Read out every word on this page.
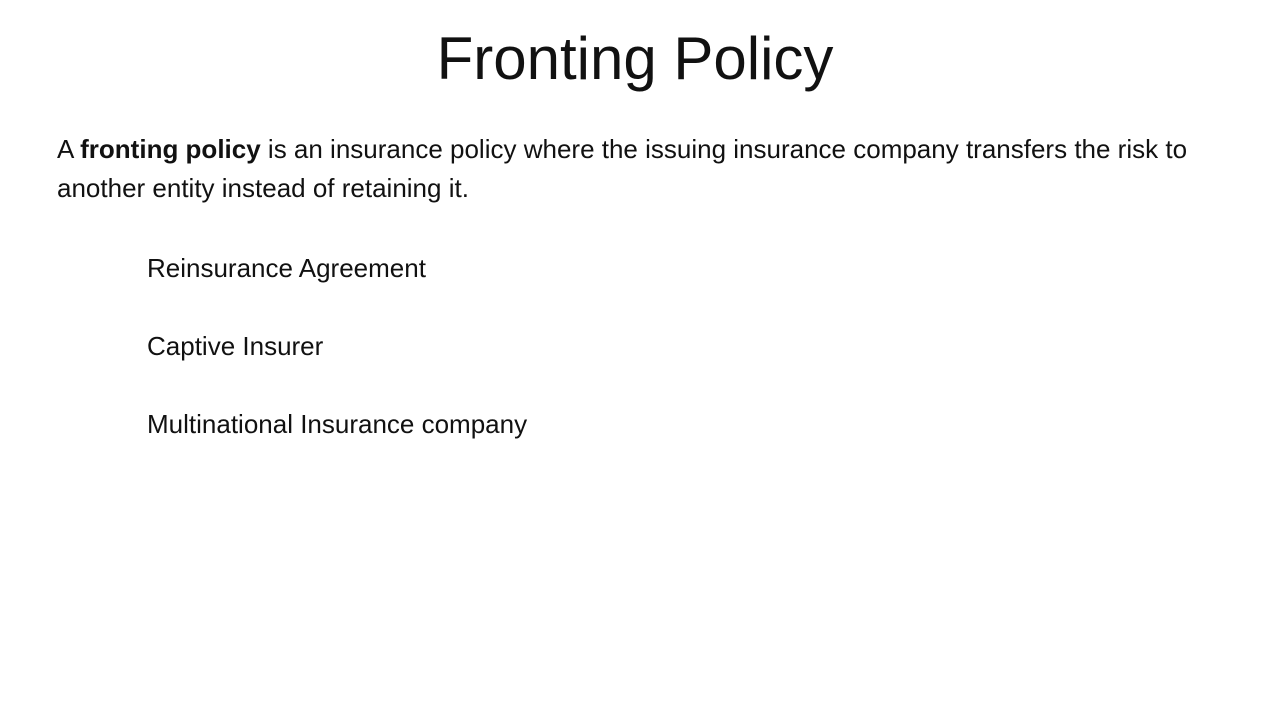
Fronting Policy

A fronting policy is an insurance policy where the issuing insurance company transfers the risk to another entity instead of retaining it.

Reinsurance Agreement
Captive Insurer
Multinational Insurance company
